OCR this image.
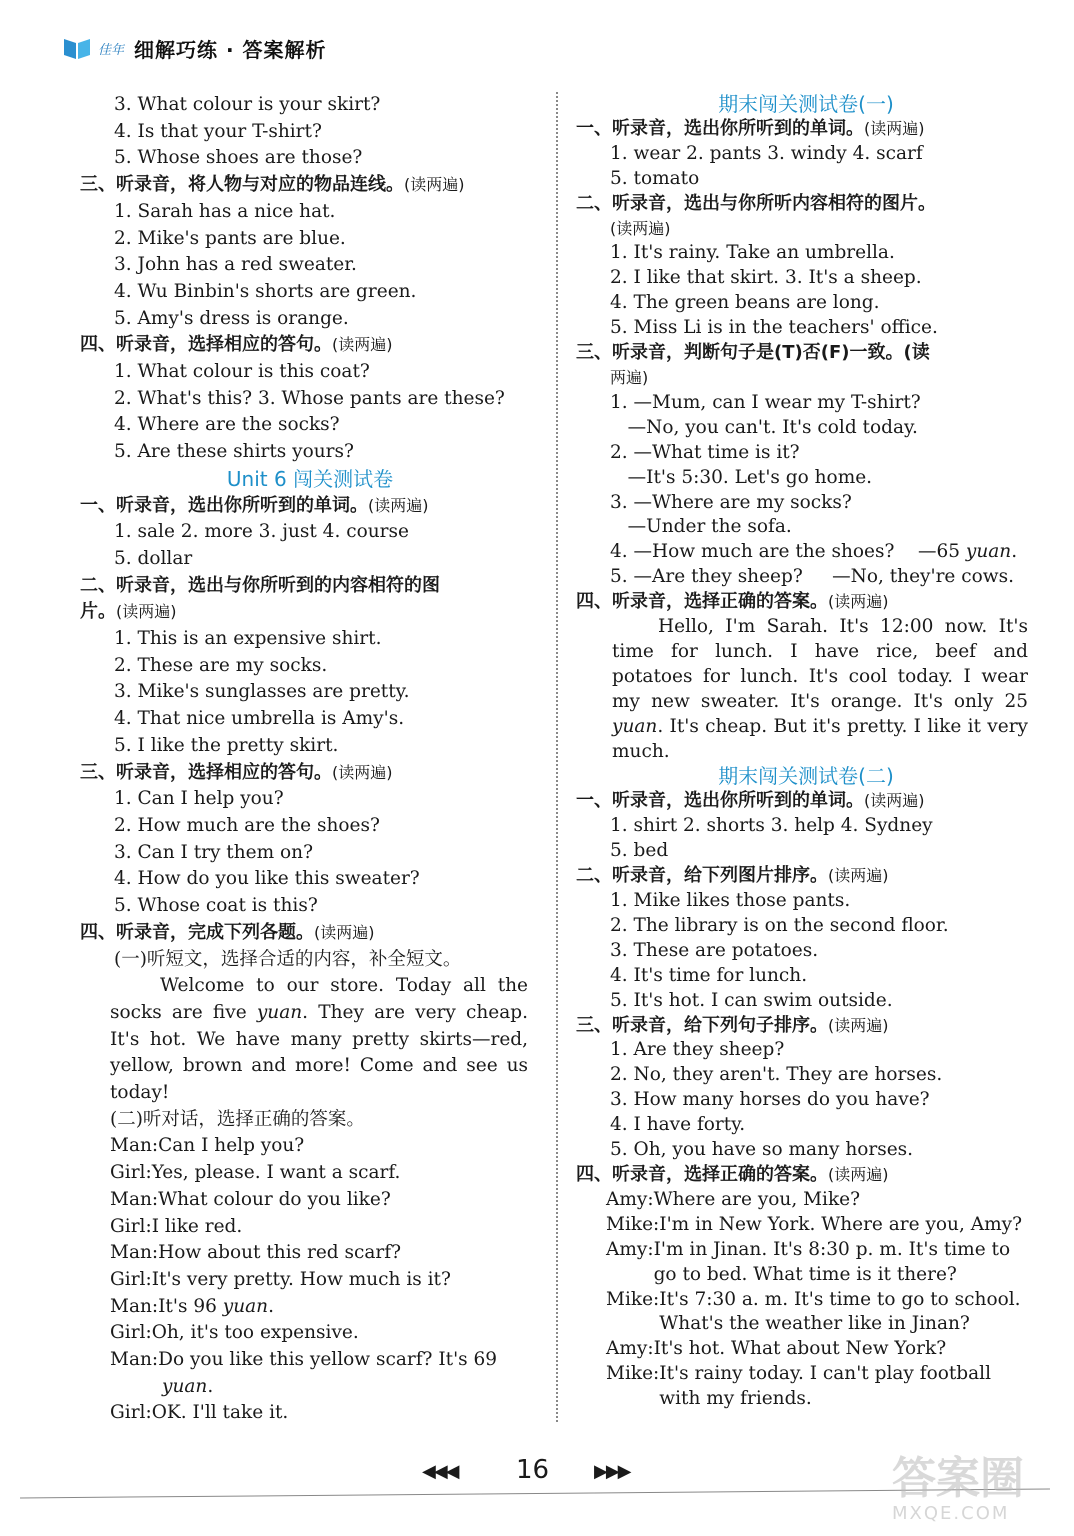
佳年 细解巧练 · 答案解析
3. What colour is your skirt?
4. Is that your T-shirt?
5. Whose shoes are those?
三、听录音，将人物与对应的物品连线。(读两遍)
1. Sarah has a nice hat.
2. Mike's pants are blue.
3. John has a red sweater.
4. Wu Binbin's shorts are green.
5. Amy's dress is orange.
四、听录音，选择相应的答句。(读两遍)
1. What colour is this coat?
2. What's this? 3. Whose pants are these?
4. Where are the socks?
5. Are these shirts yours?
Unit 6 闯关测试卷
一、听录音，选出你所听到的单词。(读两遍)
1. sale 2. more 3. just 4. course
5. dollar
二、听录音，选出与你所听到的内容相符的图
片。(读两遍)
1. This is an expensive shirt.
2. These are my socks.
3. Mike's sunglasses are pretty.
4. That nice umbrella is Amy's.
5. I like the pretty skirt.
三、听录音，选择相应的答句。(读两遍)
1. Can I help you?
2. How much are the shoes?
3. Can I try them on?
4. How do you like this sweater?
5. Whose coat is this?
四、听录音，完成下列各题。(读两遍)
(一)听短文，选择合适的内容，补全短文。
Welcome to our store. Today all the socks are five yuan. They are very cheap. It's hot. We have many pretty skirts—red, yellow, brown and more! Come and see us today!
(二)听对话，选择正确的答案。
Man: Can I help you?
Girl: Yes, please. I want a scarf.
Man: What colour do you like?
Girl: I like red.
Man: How about this red scarf?
Girl: It's very pretty. How much is it?
Man:It's 96 yuan.
Girl:Oh, it's too expensive.
Man:Do you like this yellow scarf? It's 69
yuan.
Girl:OK. I'll take it.
期末闯关测试卷(一)
一、听录音，选出你所听到的单词。(读两遍)
1. wear 2. pants 3. windy 4. scarf
5. tomato
二、听录音，选出与你所听内容相符的图片。
(读两遍)
1. It's rainy. Take an umbrella.
2. I like that skirt. 3. It's a sheep.
4. The green beans are long.
5. Miss Li is in the teachers' office.
三、听录音，判断句子是(T)否(F)一致。(读
两遍)
1. —Mum, can I wear my T-shirt?
—No, you can't. It's cold today.
2. —What time is it?
—It's 5:30. Let's go home.
3. —Where are my socks?
—Under the sofa.
4. —How much are the shoes?    —65 yuan.
5. —Are they sheep?     —No, they're cows.
四、听录音，选择正确的答案。(读两遍)
Hello, I'm Sarah. It's 12:00 now. It's time for lunch. I have rice, beef and potatoes for lunch. It's cool today. I wear my new sweater. It's orange. It's only 25 yuan. It's cheap. But it's pretty. I like it very much.
期末闯关测试卷(二)
一、听录音，选出你所听到的单词。(读两遍)
1. shirt 2. shorts 3. help 4. Sydney
5. bed
二、听录音，给下列图片排序。(读两遍)
1. Mike likes those pants.
2. The library is on the second floor.
3. These are potatoes.
4. It's time for lunch.
5. It's hot. I can swim outside.
三、听录音，给下列句子排序。(读两遍)
1. Are they sheep?
2. No, they aren't. They are horses.
3. How many horses do you have?
4. I have forty.
5. Oh, you have so many horses.
四、听录音，选择正确的答案。(读两遍)
Amy: Where are you, Mike?
Mike: I'm in New York. Where are you, Amy?
Amy: I'm in Jinan. It's 8:30 p. m. It's time to go to bed. What time is it there?
Mike: It's 7:30 a. m. It's time to go to school. What's the weather like in Jinan?
Amy: It's hot. What about New York?
Mike: It's rainy today. I can't play football with my friends.
◀◀◀ 16 ▶▶▶	答案圈
MXQE.COM
